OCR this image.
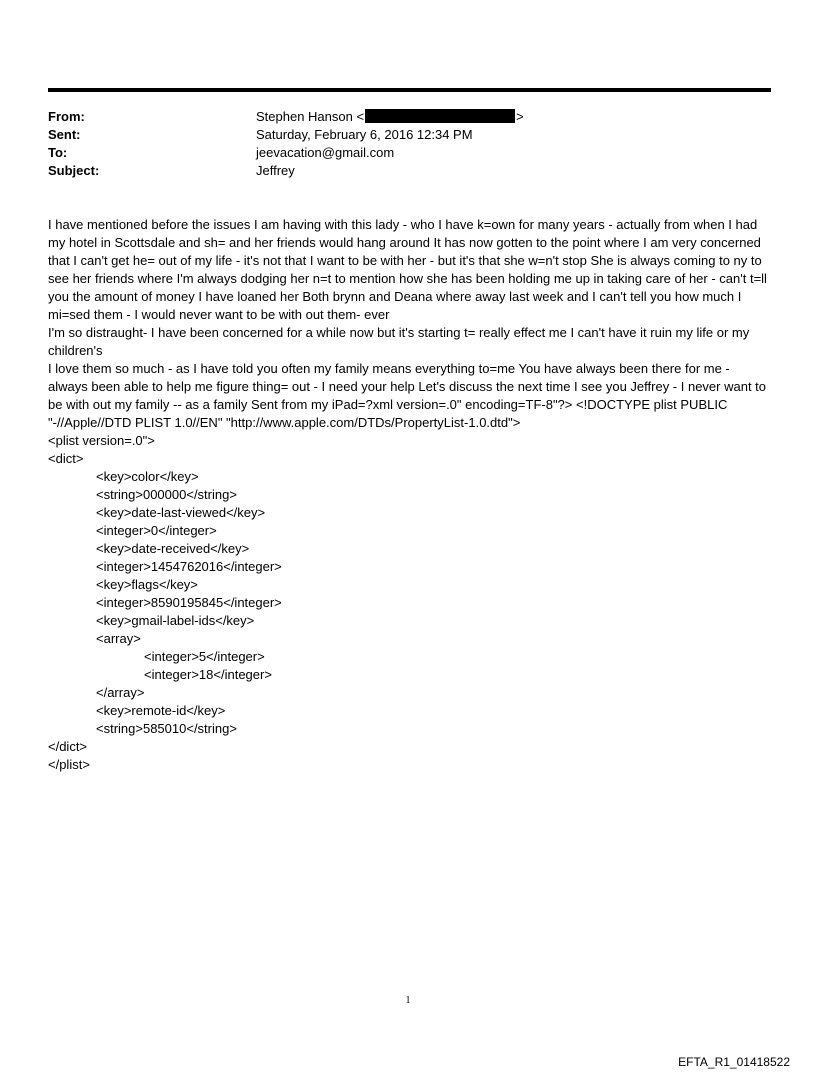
From:	Stephen Hanson <	>
Sent:	Saturday, February 6, 2016 12:34 PM
To:	jeevacation@gmail.com
Subject:	Jeffrey

I have mentioned before the issues I am having with this lady - who I have k=own for many years - actually from when I had my hotel in Scottsdale and sh= and her friends would hang around It has now gotten to the point where I am very concerned that I can't get he= out of my life - it's not that I want to be with her - but it's that she w=n't stop She is always coming to ny to see her friends where I'm always dodging her n=t to mention how she has been holding me up in taking care of her - can't t=ll you the amount of money I have loaned her Both brynn and Deana where away last week and I can't tell you how much I mi=sed them - I would never want to be with out them- ever

I'm so distraught- I have been concerned for a while now but it's starting t= really effect me I can't have it ruin my life or my children's

I love them so much - as I have told you often my family means everything to=me You have always been there for me - always been able to help me figure thing= out - I need your help Let's discuss the next time I see you Jeffrey - I never want to be with out my family -- as a family Sent from my iPad=?xml version=.0" encoding=TF-8"?> <!DOCTYPE plist PUBLIC "-//Apple//DTD PLIST 1.0//EN" "http://www.apple.com/DTDs/PropertyList-1.0.dtd">

<plist version=.0">
<dict>
<key>color</key>
<string>000000</string>
<key>date-last-viewed</key>
<integer>0</integer>
<key>date-received</key>
<integer>1454762016</integer>
<key>flags</key>
<integer>8590195845</integer>
<key>gmail-label-ids</key>
<array>
<integer>5</integer>
<integer>18</integer>
</array>
<key>remote-id</key>
<string>585010</string>
</dict>
</plist>
1
EFTA_R1_01418522
